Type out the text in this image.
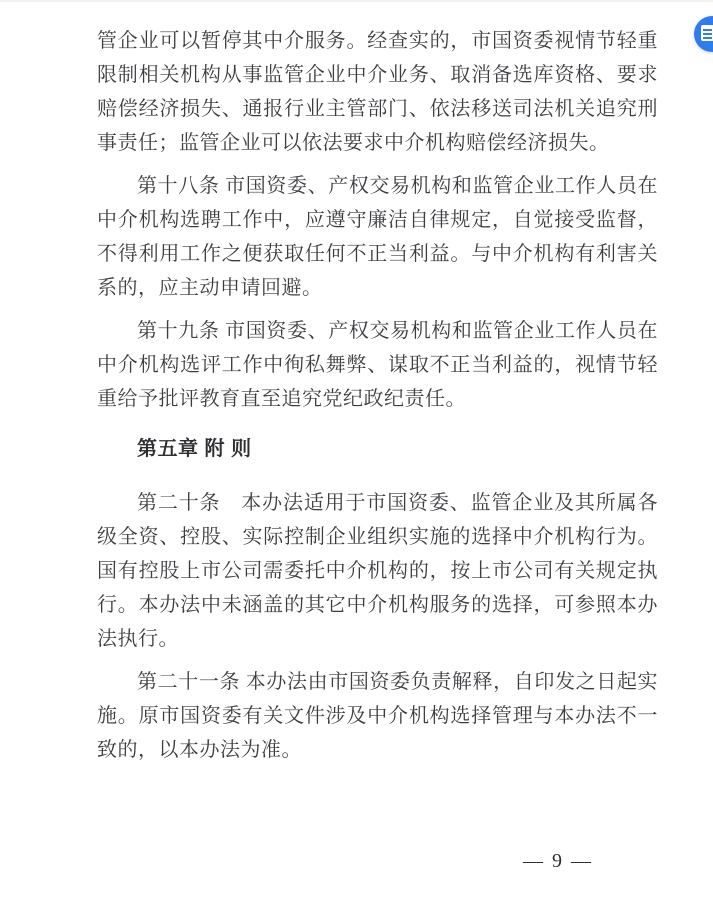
管企业可以暂停其中介服务。经查实的，市国资委视情节轻重限制相关机构从事监管企业中介业务、取消备选库资格、要求赔偿经济损失、通报行业主管部门、依法移送司法机关追究刑事责任；监管企业可以依法要求中介机构赔偿经济损失。

第十八条 市国资委、产权交易机构和监管企业工作人员在中介机构选聘工作中，应遵守廉洁自律规定，自觉接受监督，不得利用工作之便获取任何不正当利益。与中介机构有利害关系的，应主动申请回避。

第十九条 市国资委、产权交易机构和监管企业工作人员在中介机构选评工作中徇私舞弊、谋取不正当利益的，视情节轻重给予批评教育直至追究党纪政纪责任。

第五章 附 则

第二十条　本办法适用于市国资委、监管企业及其所属各级全资、控股、实际控制企业组织实施的选择中介机构行为。国有控股上市公司需委托中介机构的，按上市公司有关规定执行。本办法中未涵盖的其它中介机构服务的选择，可参照本办法执行。

第二十一条 本办法由市国资委负责解释，自印发之日起实施。原市国资委有关文件涉及中介机构选择管理与本办法不一致的，以本办法为准。

— 9 —
